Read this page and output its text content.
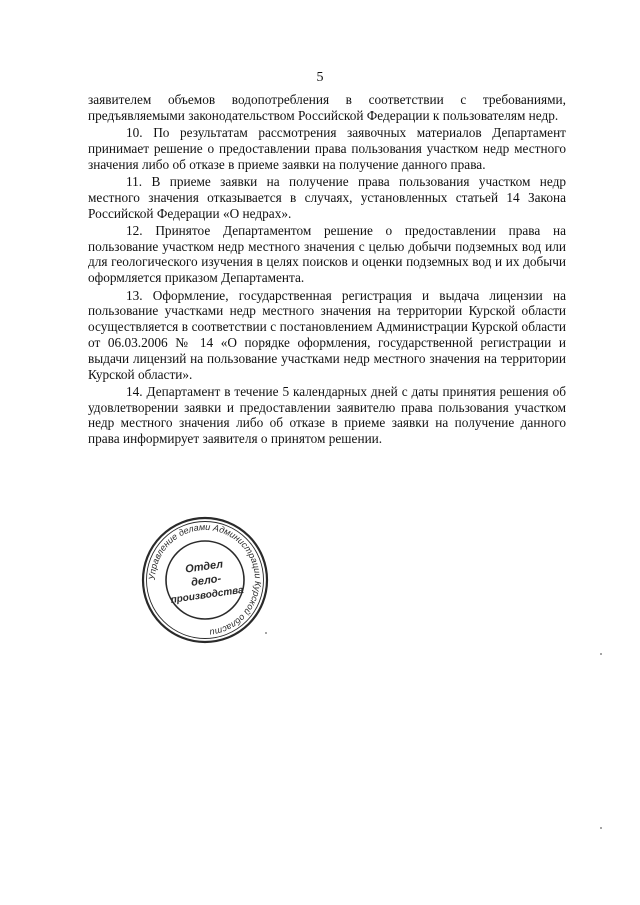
5

заявителем объемов водопотребления в соответствии с требованиями, предъявляемыми законодательством Российской Федерации к пользователям недр.

10. По результатам рассмотрения заявочных материалов Департамент принимает решение о предоставлении права пользования участком недр местного значения либо об отказе в приеме заявки на получение данного права.

11. В приеме заявки на получение права пользования участком недр местного значения отказывается в случаях, установленных статьей 14 Закона Российской Федерации «О недрах».

12. Принятое Департаментом решение о предоставлении права на пользование участком недр местного значения с целью добычи подземных вод или для геологического изучения в целях поисков и оценки подземных вод и их добычи оформляется приказом Департамента.

13. Оформление, государственная регистрация и выдача лицензии на пользование участками недр местного значения на территории Курской области осуществляется в соответствии с постановлением Администрации Курской области от 06.03.2006 № 14 «О порядке оформления, государственной регистрации и выдачи лицензий на пользование участками недр местного значения на территории Курской области».

14. Департамент в течение 5 календарных дней с даты принятия решения об удовлетворении заявки и предоставлении заявителю права пользования участком недр местного значения либо об отказе в приеме заявки на получение данного права информирует заявителя о принятом решении.

Управление делами Администрации Курской области
Отдел
дело-
производства
